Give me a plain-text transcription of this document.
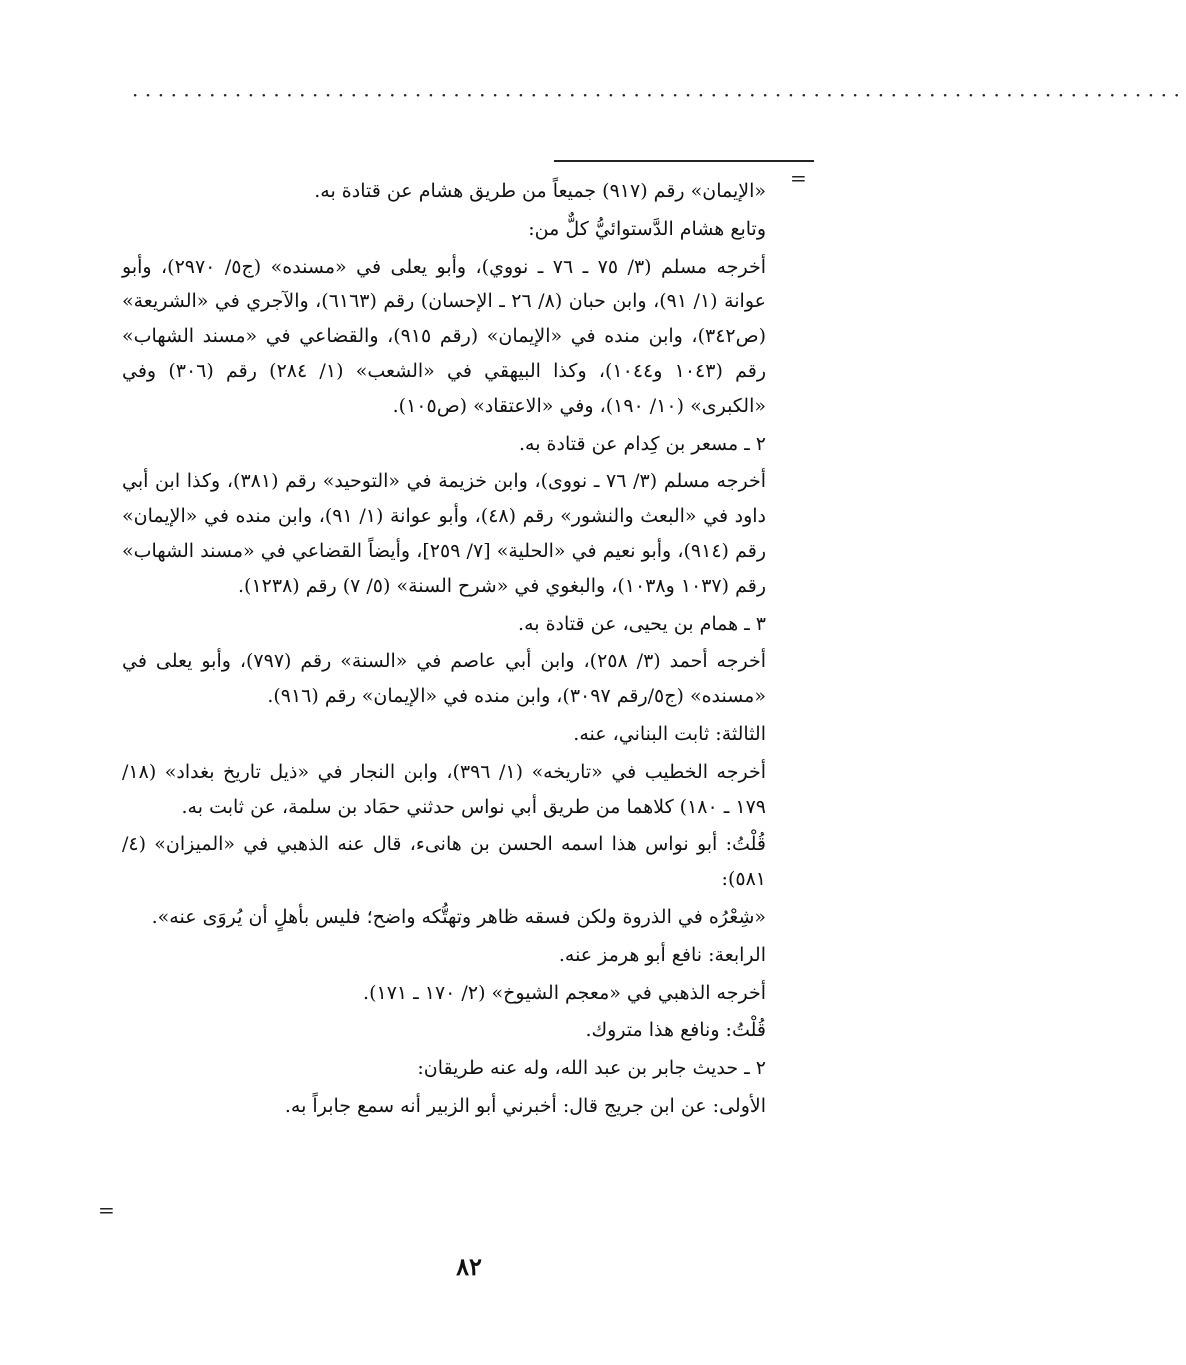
··················································································
=

«الإيمان» رقم (٩١٧) جميعاً من طريق هشام عن قتادة به.

وتابع هشام الدَّستوائيُّ كلٌّ من:

أخرجه مسلم (٣/ ٧٥ ـ ٧٦ ـ نووي)، وأبو يعلى في «مسنده» (ج٥/ ٢٩٧٠)، وأبو عوانة (١/ ٩١)، وابن حبان (٨/ ٢٦ ـ الإحسان) رقم (٦١٦٣)، والآجري في «الشريعة» (ص٣٤٢)، وابن منده في «الإيمان» (رقم ٩١٥)، والقضاعي في «مسند الشهاب» رقم (١٠٤٣ و١٠٤٤)، وكذا البيهقي في «الشعب» (١/ ٢٨٤) رقم (٣٠٦) وفي «الكبرى» (١٠/ ١٩٠)، وفي «الاعتقاد» (ص١٠٥).

٢ ـ مسعر بن كِدام عن قتادة به.

أخرجه مسلم (٣/ ٧٦ ـ نووى)، وابن خزيمة في «التوحيد» رقم (٣٨١)، وكذا ابن أبي داود في «البعث والنشور» رقم (٤٨)، وأبو عوانة (١/ ٩١)، وابن منده في «الإيمان» رقم (٩١٤)، وأبو نعيم في «الحلية» [٧/ ٢٥٩]، وأيضاً القضاعي في «مسند الشهاب» رقم (١٠٣٧ و١٠٣٨)، والبغوي في «شرح السنة» (٥/ ٧) رقم (١٢٣٨).

٣ ـ همام بن يحيى، عن قتادة به.

أخرجه أحمد (٣/ ٢٥٨)، وابن أبي عاصم في «السنة» رقم (٧٩٧)، وأبو يعلى في «مسنده» (ج٥/رقم ٣٠٩٧)، وابن منده في «الإيمان» رقم (٩١٦).

الثالثة: ثابت البناني، عنه.

أخرجه الخطيب في «تاريخه» (١/ ٣٩٦)، وابن النجار في «ذيل تاريخ بغداد» (١٨/ ١٧٩ ـ ١٨٠) كلاهما من طريق أبي نواس حدثني حمَاد بن سلمة، عن ثابت به.

قُلْتُ: أبو نواس هذا اسمه الحسن بن هانىء، قال عنه الذهبي في «الميزان» (٤/ ٥٨١):

«شِعْرُه في الذروة ولكن فسقه ظاهر وتهتُّكه واضح؛ فليس بأهلٍ أن يُروَى عنه».

الرابعة: نافع أبو هرمز عنه.

أخرجه الذهبي في «معجم الشيوخ» (٢/ ١٧٠ ـ ١٧١).

قُلْتُ: ونافع هذا متروك.

٢ ـ حديث جابر بن عبد الله، وله عنه طريقان:

الأولى: عن ابن جريج قال: أخبرني أبو الزبير أنه سمع جابراً به.

=
٨٢
